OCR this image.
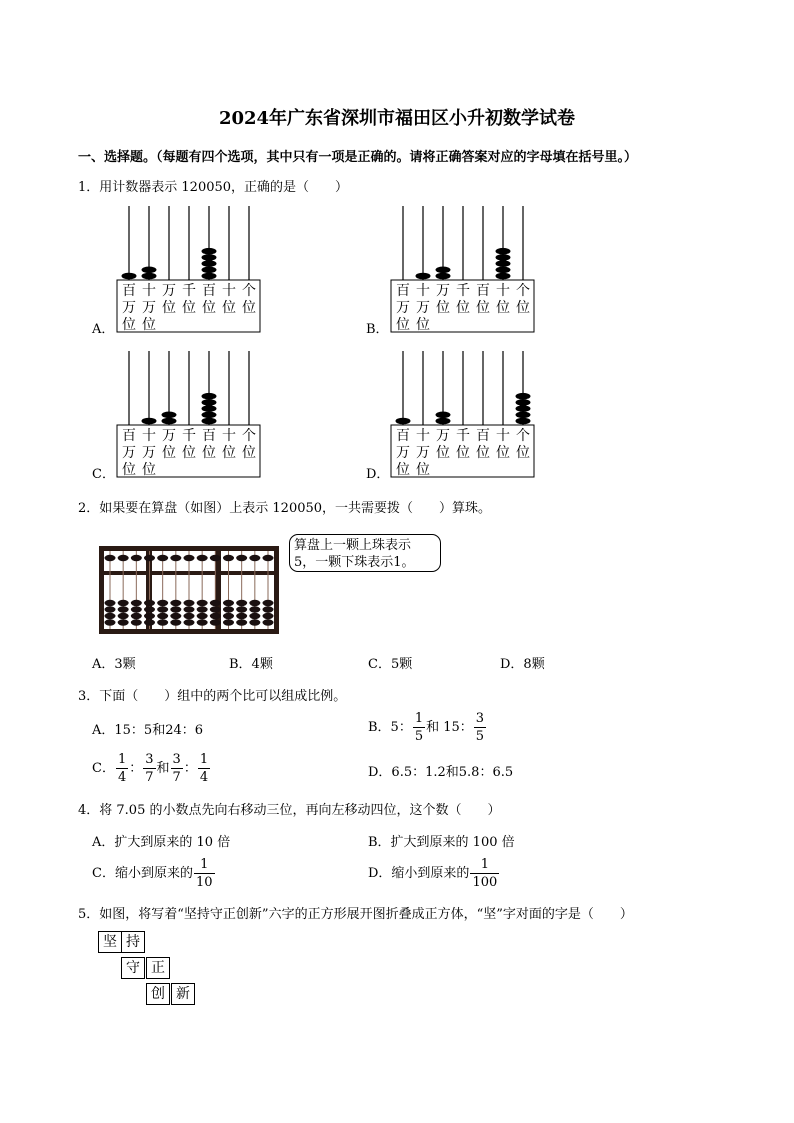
2024年广东省深圳市福田区小升初数学试卷
一、选择题。（每题有四个选项，其中只有一项是正确的。请将正确答案对应的字母填在括号里。）
1．用计数器表示 120050，正确的是（　　）
百
万
位
十
万
位
万
位
千
位
百
位
十
位
个
位
A．
百
万
位
十
万
位
万
位
千
位
百
位
十
位
个
位
B．
百
万
位
十
万
位
万
位
千
位
百
位
十
位
个
位
C．
百
万
位
十
万
位
万
位
千
位
百
位
十
位
个
位
D．
2．如果要在算盘（如图）上表示 120050，一共需要拨（　　）算珠。
算盘上一颗上珠表示
5，一颗下珠表示1。
A．3颗	B．4颗	C．5颗	D．8颗
3．下面（　　）组中的两个比可以组成比例。
A．15：5和24：6	B．5： $\frac{1}{5}$ 和 15： $\frac{3}{5}$
C． $\frac{1}{4}$ ： $\frac{3}{7}$ 和 $\frac{3}{7}$ ： $\frac{1}{4}$	D．6.5：1.2和5.8：6.5
4．将 7.05 的小数点先向右移动三位，再向左移动四位，这个数（　　）
A．扩大到原来的 10 倍	B．扩大到原来的 100 倍
C．缩小到原来的 $\frac{1}{10}$	D．缩小到原来的 $\frac{1}{100}$
5．如图，将写着“坚持守正创新”六字的正方形展开图折叠成正方体，“坚”字对面的字是（　　）
坚 持
守 正
创 新
